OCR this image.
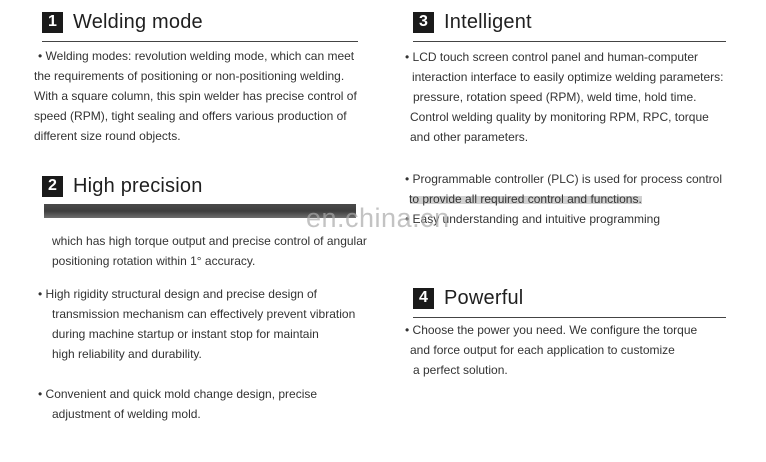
1 Welding mode
• Welding modes: revolution welding mode, which can meet
the requirements of positioning or non-positioning welding.
With a square column, this spin welder has precise control of
speed (RPM), tight sealing and offers various production of
different size round objects.
2 High precision
which has high torque output and precise control of angular
positioning rotation within 1° accuracy.
• High rigidity structural design and precise design of
transmission mechanism can effectively prevent vibration
during machine startup or instant stop for maintain
high reliability and durability.
• Convenient and quick mold change design, precise
adjustment of welding mold.
3 Intelligent
• LCD touch screen control panel and human-computer
interaction interface to easily optimize welding parameters:
pressure, rotation speed (RPM), weld time, hold time.
Control welding quality by monitoring RPM, RPC, torque
and other parameters.
• Programmable controller (PLC) is used for process control
to provide all required control and functions.
• Easy understanding and intuitive programming
4 Powerful
• Choose the power you need. We configure the torque
and force output for each application to customize
a perfect solution.
en.china.cn
